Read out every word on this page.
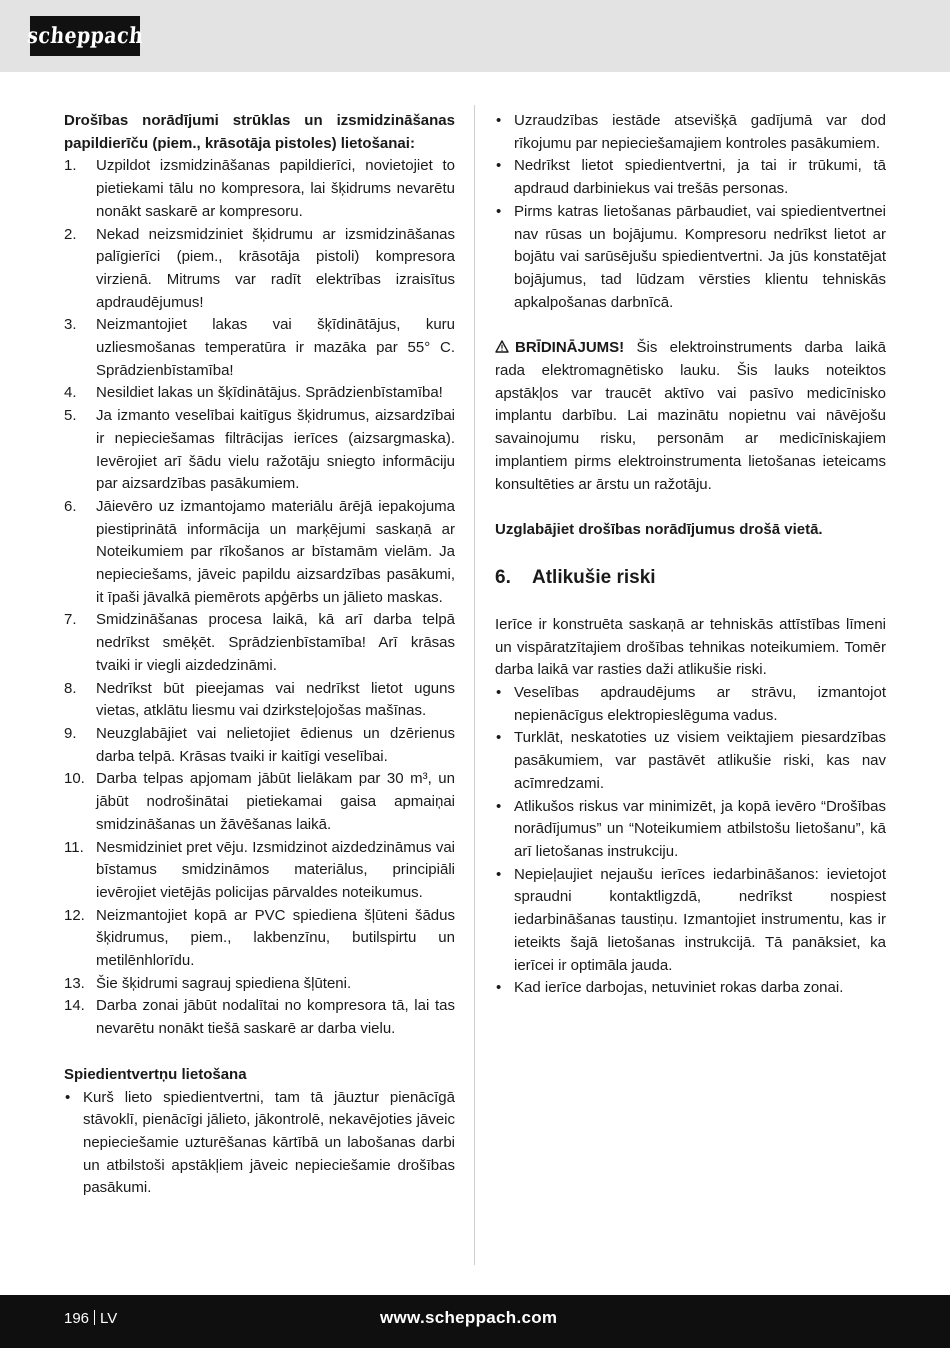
scheppach

Drošības norādījumi strūklas un izsmidzināšanas papildierīču (piem., krāsotāja pistoles) lietošanai:

1. Uzpildot izsmidzināšanas papildierīci, novietojiet to pietiekami tālu no kompresora, lai šķidrums nevarētu nonākt saskarē ar kompresoru.
2. Nekad neizsmidziniet šķidrumu ar izsmidzināšanas palīgierīci (piem., krāsotāja pistoli) kompresora virzienā. Mitrums var radīt elektrības izraisītus apdraudējumus!
3. Neizmantojiet lakas vai šķīdinātājus, kuru uzliesmošanas temperatūra ir mazāka par 55° C. Sprādzienbīstamība!
4. Nesildiet lakas un šķīdinātājus. Sprādzienbīstamība!
5. Ja izmanto veselībai kaitīgus šķidrumus, aizsardzībai ir nepieciešamas filtrācijas ierīces (aizsargmaska). Ievērojiet arī šādu vielu ražotāju sniegto informāciju par aizsardzības pasākumiem.
6. Jāievēro uz izmantojamo materiālu ārējā iepakojuma piestiprinātā informācija un marķējumi saskaņā ar Noteikumiem par rīkošanos ar bīstamām vielām. Ja nepieciešams, jāveic papildu aizsardzības pasākumi, it īpaši jāvalkā piemērots apģērbs un jālieto maskas.
7. Smidzināšanas procesa laikā, kā arī darba telpā nedrīkst smēķēt. Sprādzienbīstamība! Arī krāsas tvaiki ir viegli aizdedzināmi.
8. Nedrīkst būt pieejamas vai nedrīkst lietot uguns vietas, atklātu liesmu vai dzirksteļojošas mašīnas.
9. Neuzglabājiet vai nelietojiet ēdienus un dzērienus darba telpā. Krāsas tvaiki ir kaitīgi veselībai.
10. Darba telpas apjomam jābūt lielākam par 30 m³, un jābūt nodrošinātai pietiekamai gaisa apmaiņai smidzināšanas un žāvēšanas laikā.
11. Nesmidziniet pret vēju. Izsmidzinot aizdedzināmus vai bīstamus smidzināmos materiālus, principiāli ievērojiet vietējās policijas pārvaldes noteikumus.
12. Neizmantojiet kopā ar PVC spiediena šļūteni šādus šķidrumus, piem., lakbenzīnu, butilspirtu un metilēnhlorīdu.
13. Šie šķidrumi sagrauj spiediena šļūteni.
14. Darba zonai jābūt nodalītai no kompresora tā, lai tas nevarētu nonākt tiešā saskarē ar darba vielu.

Spiedientvertņu lietošana

• Kurš lieto spiedientvertni, tam tā jāuztur pienācīgā stāvoklī, pienācīgi jālieto, jākontrolē, nekavējoties jāveic nepieciešamie uzturēšanas kārtībā un labošanas darbi un atbilstoši apstākļiem jāveic nepieciešamie drošības pasākumi.
• Uzraudzības iestāde atsevišķā gadījumā var dod rīkojumu par nepieciešamajiem kontroles pasākumiem.
• Nedrīkst lietot spiedientvertni, ja tai ir trūkumi, tā apdraud darbiniekus vai trešās personas.
• Pirms katras lietošanas pārbaudiet, vai spiedientvertnei nav rūsas un bojājumu. Kompresoru nedrīkst lietot ar bojātu vai sarūsējušu spiedientvertni. Ja jūs konstatējat bojājumus, tad lūdzam vērsties klientu tehniskās apkalpošanas darbnīcā.

BRĪDINĀJUMS! Šis elektroinstruments darba laikā rada elektromagnētisko lauku. Šis lauks noteiktos apstākļos var traucēt aktīvo vai pasīvo medicīnisko implantu darbību. Lai mazinātu nopietnu vai nāvējošu savainojumu risku, personām ar medicīniskajiem implantiem pirms elektroinstrumenta lietošanas ieteicams konsultēties ar ārstu un ražotāju.

Uzglabājiet drošības norādījumus drošā vietā.

6. Atlikušie riski

Ierīce ir konstruēta saskaņā ar tehniskās attīstības līmeni un vispāratzītajiem drošības tehnikas noteikumiem. Tomēr darba laikā var rasties daži atlikušie riski.

• Veselības apdraudējums ar strāvu, izmantojot nepienācīgus elektropieslēguma vadus.
• Turklāt, neskatoties uz visiem veiktajiem piesardzības pasākumiem, var pastāvēt atlikušie riski, kas nav acīmredzami.
• Atlikušos riskus var minimizēt, ja kopā ievēro “Drošības norādījumus” un “Noteikumiem atbilstošu lietošanu”, kā arī lietošanas instrukciju.
• Nepieļaujiet nejaušu ierīces iedarbināšanos: ievietojot spraudni kontaktligzdā, nedrīkst nospiest iedarbināšanas taustiņu. Izmantojiet instrumentu, kas ir ieteikts šajā lietošanas instrukcijā. Tā panāksiet, ka ierīcei ir optimāla jauda.
• Kad ierīce darbojas, netuviniet rokas darba zonai.
196 LV	www.scheppach.com
